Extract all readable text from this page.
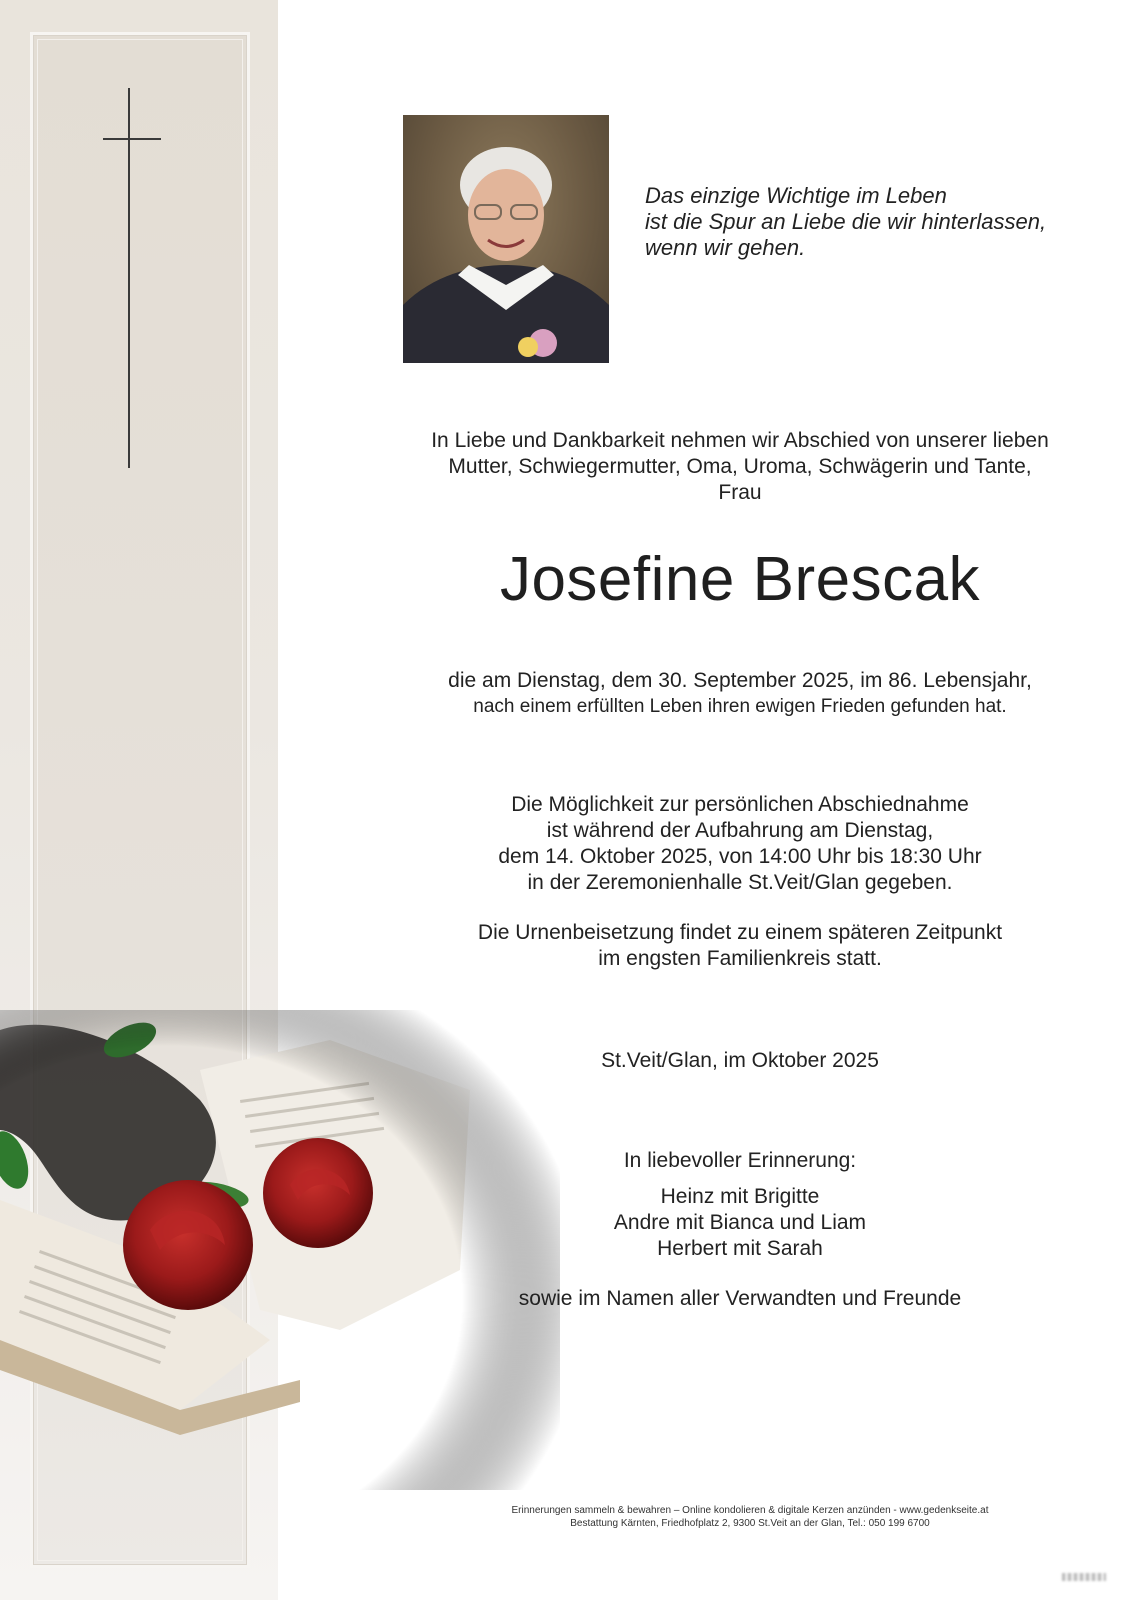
Das einzige Wichtige im Leben
ist die Spur an Liebe die wir hinterlassen,
wenn wir gehen.
In Liebe und Dankbarkeit nehmen wir Abschied von unserer lieben
Mutter, Schwiegermutter, Oma, Uroma, Schwägerin und Tante,
Frau
Josefine Brescak
die am Dienstag, dem 30. September 2025, im 86. Lebensjahr,
nach einem erfüllten Leben ihren ewigen Frieden gefunden hat.
Die Möglichkeit zur persönlichen Abschiednahme
ist während der Aufbahrung am Dienstag,
dem 14. Oktober 2025, von 14:00 Uhr bis 18:30 Uhr
in der Zeremonienhalle St.Veit/Glan gegeben.
Die Urnenbeisetzung findet zu einem späteren Zeitpunkt
im engsten Familienkreis statt.
St.Veit/Glan, im Oktober 2025
In liebevoller Erinnerung:
Heinz mit Brigitte
Andre mit Bianca und Liam
Herbert mit Sarah
sowie im Namen aller Verwandten und Freunde
Erinnerungen sammeln & bewahren – Online kondolieren & digitale Kerzen anzünden - www.gedenkseite.at
Bestattung Kärnten, Friedhofplatz 2, 9300 St.Veit an der Glan, Tel.: 050 199 6700
